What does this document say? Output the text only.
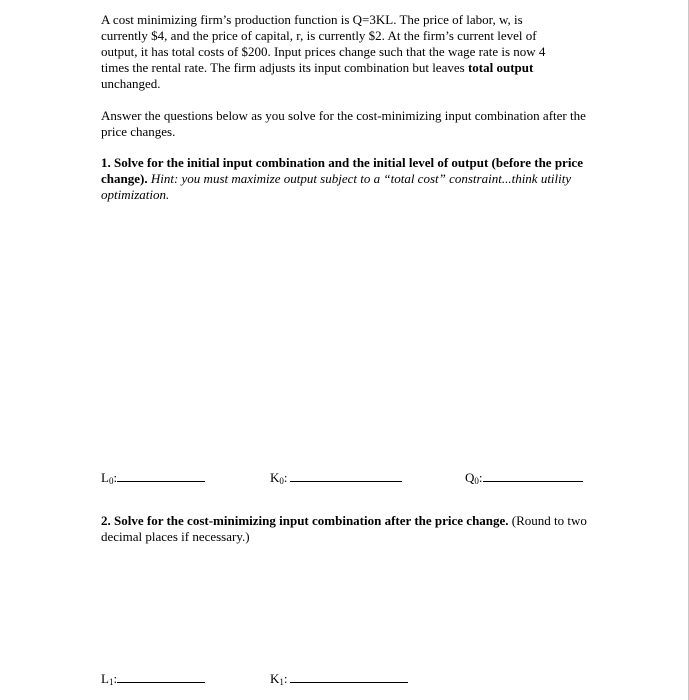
A cost minimizing firm’s production function is Q=3KL. The price of labor, w, is currently $4, and the price of capital, r, is currently $2. At the firm’s current level of output, it has total costs of $200. Input prices change such that the wage rate is now 4 times the rental rate. The firm adjusts its input combination but leaves total output unchanged.

Answer the questions below as you solve for the cost-minimizing input combination after the price changes.

1. Solve for the initial input combination and the initial level of output (before the price change). Hint: you must maximize output subject to a “total cost” constraint...think utility optimization.

$L_0$:	$K_0$:	$Q_0$:

2. Solve for the cost-minimizing input combination after the price change. (Round to two decimal places if necessary.)

$L_1$:	$K_1$:
